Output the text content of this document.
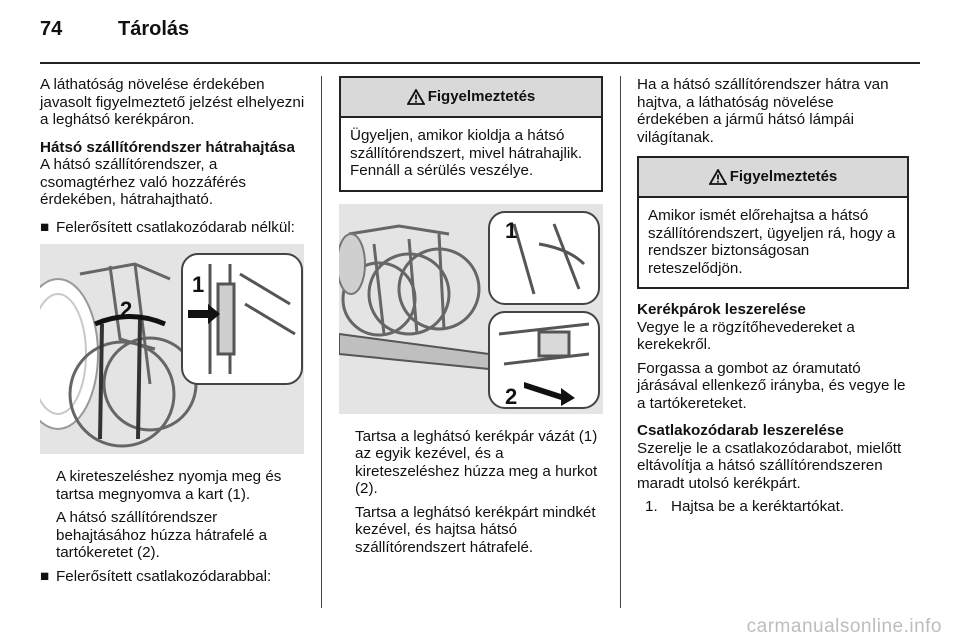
74	Tárolás

A láthatóság növelése érdekében javasolt figyelmeztető jelzést elhelyezni a leghátsó kerékpáron.

Hátsó szállítórendszer hátrahajtása

A hátsó szállítórendszer, a csomagtérhez való hozzáférés érdekében, hátrahajtható.

■ Felerősített csatlakozódarab nélkül:
2
1

A kireteszeléshez nyomja meg és tartsa megnyomva a kart (1).

A hátsó szállítórendszer behajtásához húzza hátrafelé a tartókeretet (2).

■ Felerősített csatlakozódarabbal:
Figyelmeztetés
Ügyeljen, amikor kioldja a hátsó szállítórendszert, mivel hátrahajlik. Fennáll a sérülés veszélye.
1
2

Tartsa a leghátsó kerékpár vázát (1) az egyik kezével, és a kireteszeléshez húzza meg a hurkot (2).

Tartsa a leghátsó kerékpárt mindkét kezével, és hajtsa hátsó szállítórendszert hátrafelé.

Ha a hátsó szállítórendszer hátra van hajtva, a láthatóság növelése érdekében a jármű hátsó lámpái világítanak.

Figyelmeztetés
Amikor ismét előrehajtsa a hátsó szállítórendszert, ügyeljen rá, hogy a rendszer biztonságosan reteszelődjön.
Kerékpárok leszerelése

Vegye le a rögzítőhevedereket a kerekekről.

Forgassa a gombot az óramutató járásával ellenkező irányba, és vegye le a tartókereteket.

Csatlakozódarab leszerelése

Szerelje le a csatlakozódarabot, mielőtt eltávolítja a hátsó szállítórendszeren maradt utolsó kerékpárt.

1. Hajtsa be a keréktartókat.
carmanualsonline.info
